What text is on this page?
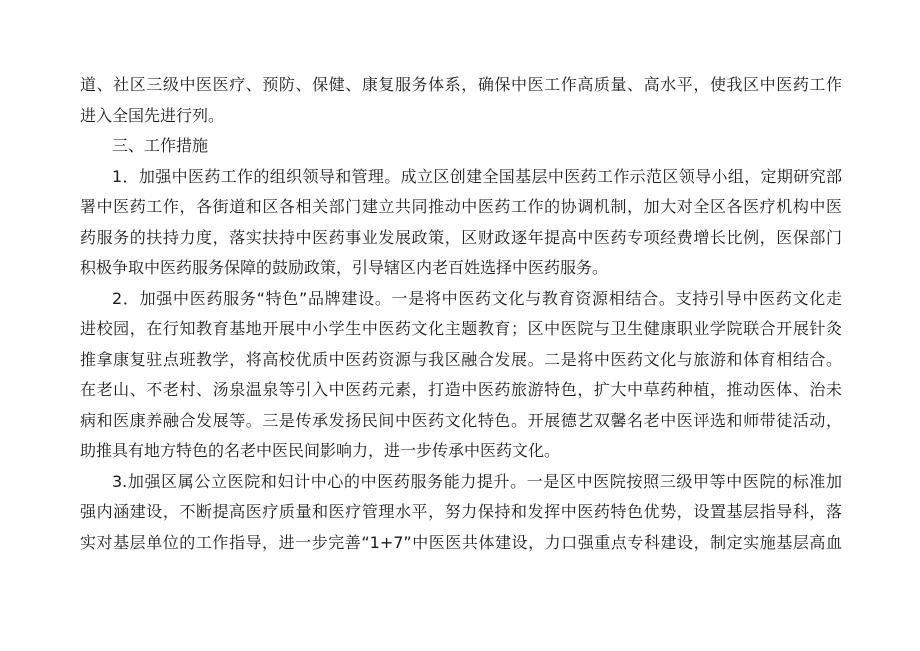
道、社区三级中医医疗、预防、保健、康复服务体系，确保中医工作高质量、高水平，使我区中医药工作
进入全国先进行列。
三、工作措施
1．加强中医药工作的组织领导和管理。成立区创建全国基层中医药工作示范区领导小组，定期研究部
署中医药工作，各街道和区各相关部门建立共同推动中医药工作的协调机制，加大对全区各医疗机构中医
药服务的扶持力度，落实扶持中医药事业发展政策，区财政逐年提高中医药专项经费增长比例，医保部门
积极争取中医药服务保障的鼓励政策，引导辖区内老百姓选择中医药服务。
2．加强中医药服务“特色”品牌建设。一是将中医药文化与教育资源相结合。支持引导中医药文化走
进校园，在行知教育基地开展中小学生中医药文化主题教育；区中医院与卫生健康职业学院联合开展针灸
推拿康复驻点班教学，将高校优质中医药资源与我区融合发展。二是将中医药文化与旅游和体育相结合。
在老山、不老村、汤泉温泉等引入中医药元素，打造中医药旅游特色，扩大中草药种植，推动医体、治未
病和医康养融合发展等。三是传承发扬民间中医药文化特色。开展德艺双馨名老中医评选和师带徒活动，
助推具有地方特色的名老中医民间影响力，进一步传承中医药文化。
3.加强区属公立医院和妇计中心的中医药服务能力提升。一是区中医院按照三级甲等中医院的标准加
强内涵建设，不断提高医疗质量和医疗管理水平，努力保持和发挥中医药特色优势，设置基层指导科，落
实对基层单位的工作指导，进一步完善“1+7”中医医共体建设，力口强重点专科建设，制定实施基层高血
